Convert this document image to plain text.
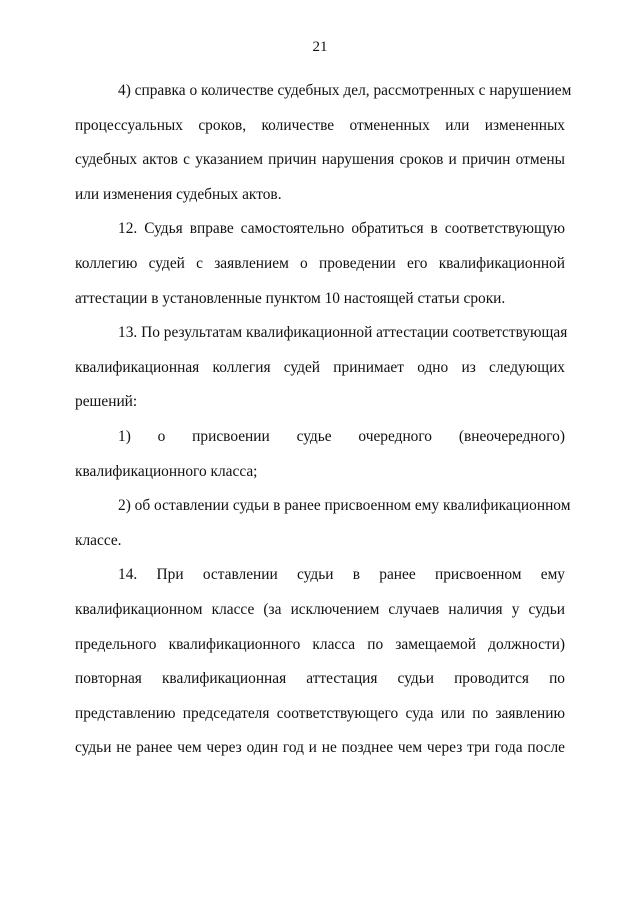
21
4) справка о количестве судебных дел, рассмотренных с нарушением
процессуальных сроков, количестве отмененных или измененных
судебных актов с указанием причин нарушения сроков и причин отмены
или изменения судебных актов.
12. Судья вправе самостоятельно обратиться в соответствующую
коллегию судей с заявлением о проведении его квалификационной
аттестации в установленные пунктом 10 настоящей статьи сроки.
13. По результатам квалификационной аттестации соответствующая
квалификационная коллегия судей принимает одно из следующих
решений:
1) о присвоении судье очередного (внеочередного)
квалификационного класса;
2) об оставлении судьи в ранее присвоенном ему квалификационном
классе.
14. При оставлении судьи в ранее присвоенном ему
квалификационном классе (за исключением случаев наличия у судьи
предельного квалификационного класса по замещаемой должности)
повторная квалификационная аттестация судьи проводится по
представлению председателя соответствующего суда или по заявлению
судьи не ранее чем через один год и не позднее чем через три года после
